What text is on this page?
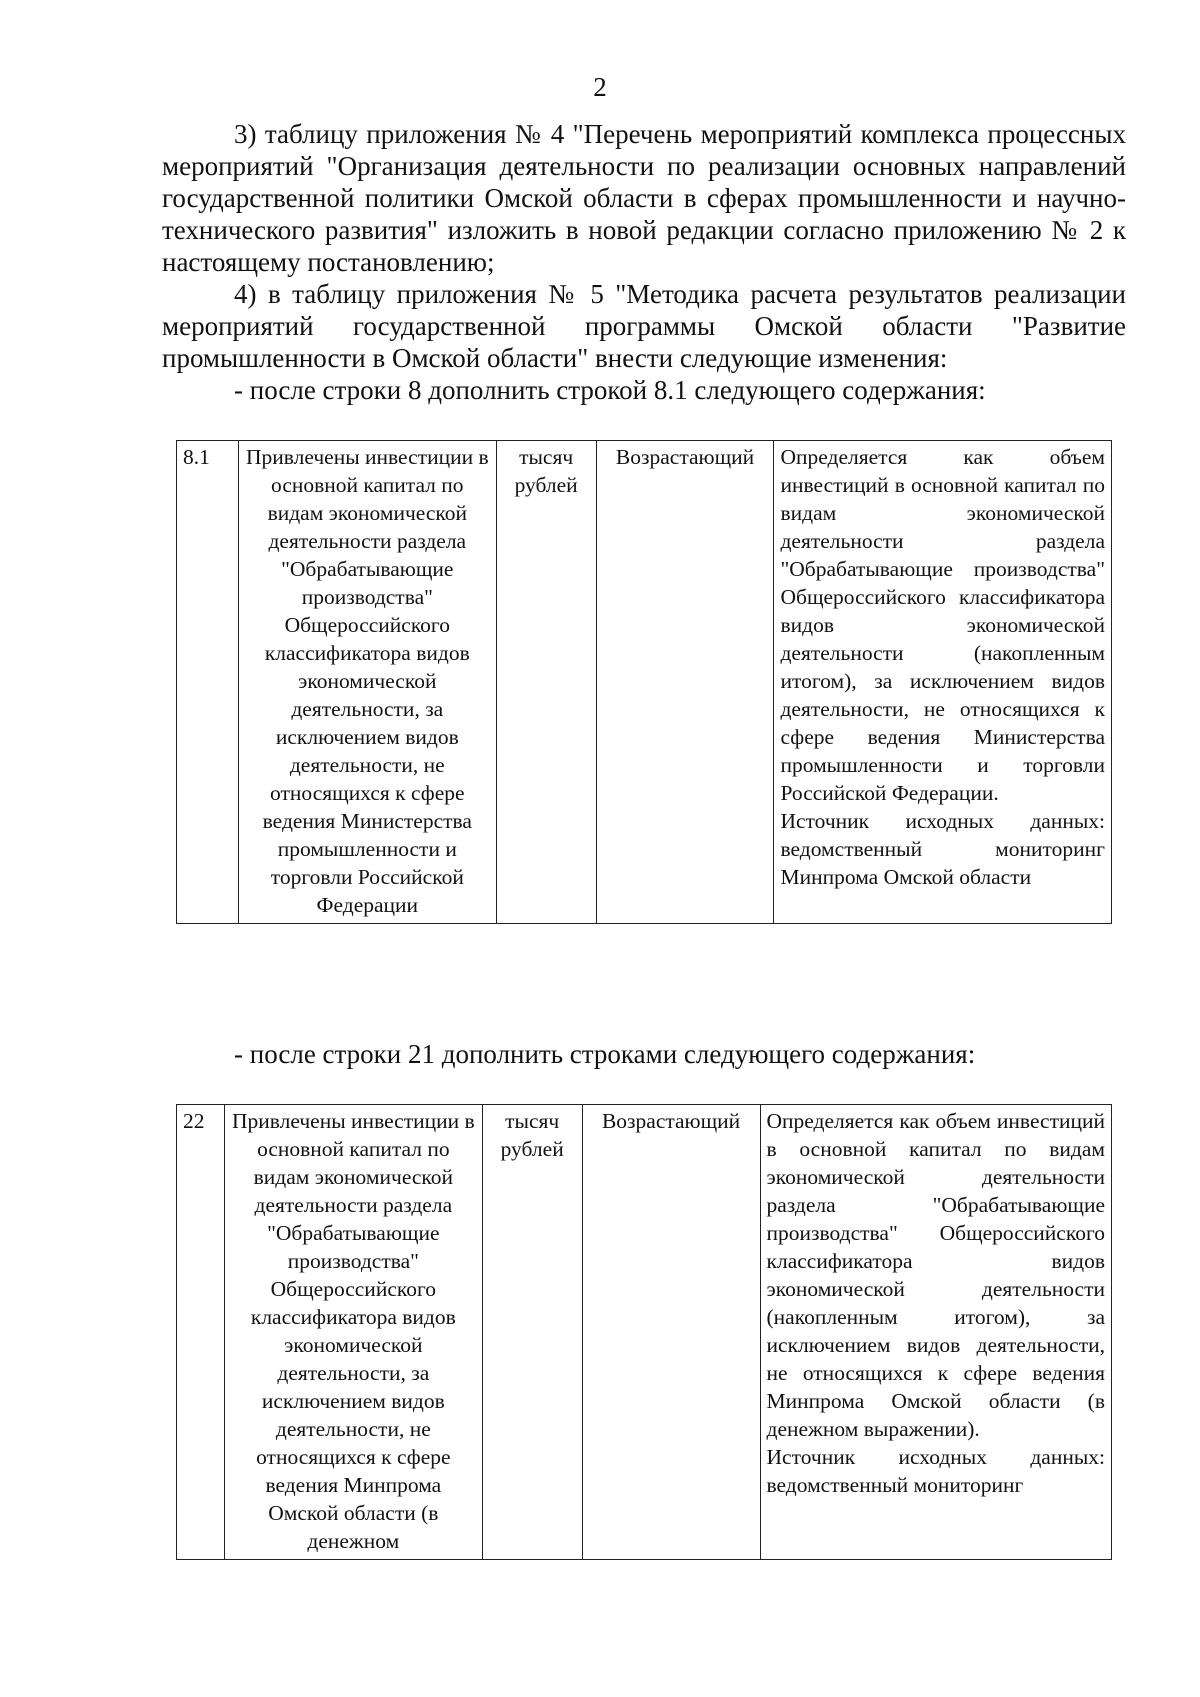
2

3) таблицу приложения № 4 "Перечень мероприятий комплекса процессных мероприятий "Организация деятельности по реализации основных направлений государственной политики Омской области в сферах промышленности и научно-технического развития" изложить в новой редакции согласно приложению № 2 к настоящему постановлению;

4) в таблицу приложения № 5 "Методика расчета результатов реализации мероприятий государственной программы Омской области "Развитие промышленности в Омской области" внести следующие изменения:

- после строки 8 дополнить строкой 8.1 следующего содержания:

8.1	Привлечены инвестиции в основной капитал по видам экономической деятельности раздела "Обрабатывающие производства" Общероссийского классификатора видов экономической деятельности, за исключением видов деятельности, не относящихся к сфере ведения Министерства промышленности и торговли Российской Федерации	тысяч рублей	Возрастающий	Определяется как объем инвестиций в основной капитал по видам экономической деятельности раздела "Обрабатывающие производства" Общероссийского классификатора видов экономической деятельности (накопленным итогом), за исключением видов деятельности, не относящихся к сфере ведения Министерства промышленности и торговли Российской Федерации.
Источник исходных данных: ведомственный мониторинг Минпрома Омской области
- после строки 21 дополнить строками следующего содержания:
22	Привлечены инвестиции в основной капитал по видам экономической деятельности раздела "Обрабатывающие производства" Общероссийского классификатора видов экономической деятельности, за исключением видов деятельности, не относящихся к сфере ведения Минпрома Омской области (в денежном	тысяч рублей	Возрастающий	Определяется как объем инвестиций в основной капитал по видам экономической деятельности раздела "Обрабатывающие производства" Общероссийского классификатора видов экономической деятельности (накопленным итогом), за исключением видов деятельности, не относящихся к сфере ведения Минпрома Омской области (в денежном выражении).
Источник исходных данных: ведомственный мониторинг
